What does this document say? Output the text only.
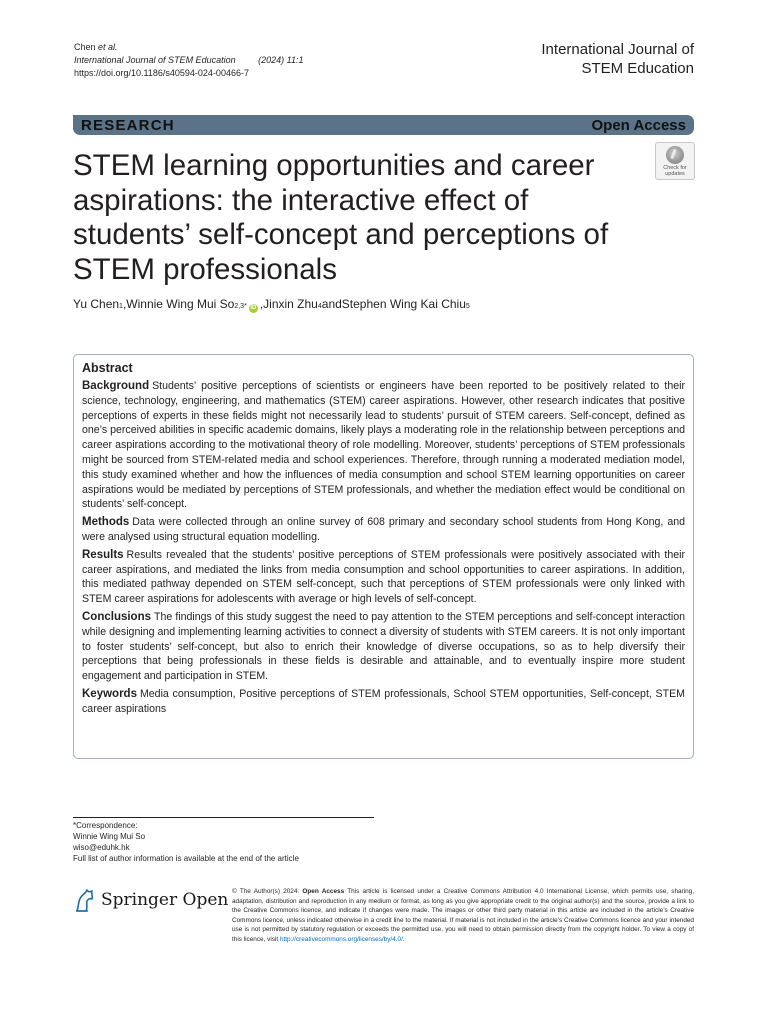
Chen et al.
International Journal of STEM Education	(2024) 11:1
https://doi.org/10.1186/s40594-024-00466-7
International Journal of
STEM Education
RESEARCH	Open Access
STEM learning opportunities and career aspirations: the interactive effect of students’ self-concept and perceptions of STEM professionals
Check for
updates
Yu Chen$_1$ , Winnie Wing Mui $So_{2,3*}$ iD , Jinxin Zhu$_4$ and Stephen Wing Kai Chiu$_5$
Abstract

Background Students’ positive perceptions of scientists or engineers have been reported to be positively related to their science, technology, engineering, and mathematics (STEM) career aspirations. However, other research indicates that positive perceptions of experts in these fields might not necessarily lead to students’ pursuit of STEM careers. Self-concept, defined as one’s perceived abilities in specific academic domains, likely plays a moderating role in the relationship between perceptions and career aspirations according to the motivational theory of role modelling. Moreover, students’ perceptions of STEM professionals might be sourced from STEM-related media and school experiences. Therefore, through running a moderated mediation model, this study examined whether and how the influences of media consumption and school STEM learning opportunities on career aspirations would be mediated by perceptions of STEM professionals, and whether the mediation effect would be conditional on students’ self-concept.

Methods Data were collected through an online survey of 608 primary and secondary school students from Hong Kong, and were analysed using structural equation modelling.

Results Results revealed that the students’ positive perceptions of STEM professionals were positively associated with their career aspirations, and mediated the links from media consumption and school opportunities to career aspirations. In addition, this mediated pathway depended on STEM self-concept, such that perceptions of STEM professionals were only linked with STEM career aspirations for adolescents with average or high levels of self-concept.

Conclusions The findings of this study suggest the need to pay attention to the STEM perceptions and self-concept interaction while designing and implementing learning activities to connect a diversity of students with STEM careers. It is not only important to foster students’ self-concept, but also to enrich their knowledge of diverse occupations, so as to help diversify their perceptions that being professionals in these fields is desirable and attainable, and to eventually inspire more student engagement and participation in STEM.

Keywords Media consumption, Positive perceptions of STEM professionals, School STEM opportunities, Self-concept, STEM career aspirations

*Correspondence:
Winnie Wing Mui So
wiso@eduhk.hk
Full list of author information is available at the end of the article
Springer Open © The Author(s) 2024. Open Access This article is licensed under a Creative Commons Attribution 4.0 International License, which permits use, sharing, adaptation, distribution and reproduction in any medium or format, as long as you give appropriate credit to the original author(s) and the source, provide a link to the Creative Commons licence, and indicate if changes were made. The images or other third party material in this article are included in the article’s Creative Commons licence, unless indicated otherwise in a credit line to the material. If material is not included in the article’s Creative Commons licence and your intended use is not permitted by statutory regulation or exceeds the permitted use, you will need to obtain permission directly from the copyright holder. To view a copy of this licence, visit http://creativecommons.org/licenses/by/4.0/.
